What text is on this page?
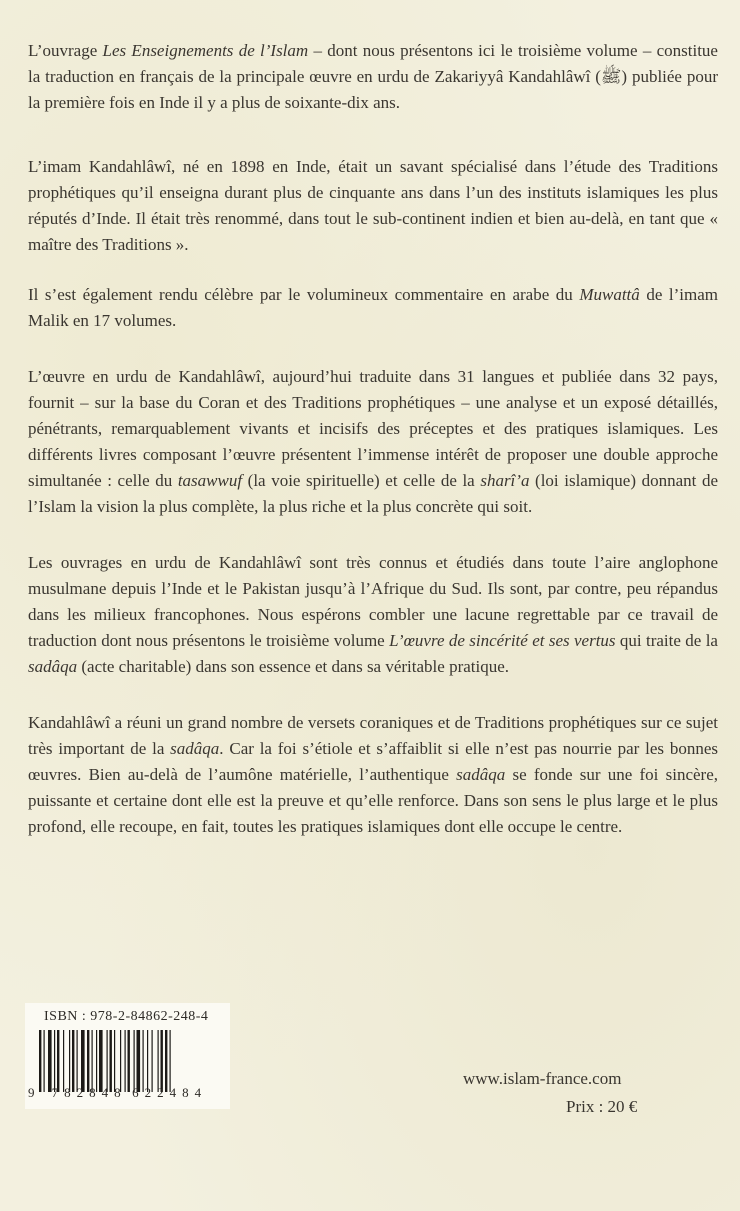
L’ouvrage Les Enseignements de l’Islam – dont nous présentons ici le troisième volume – constitue la traduction en français de la principale œuvre en urdu de Zakariyyâ Kandahlâwî (ﷺ) publiée pour la première fois en Inde il y a plus de soixante-dix ans.

L’imam Kandahlâwî, né en 1898 en Inde, était un savant spécialisé dans l’étude des Traditions prophétiques qu’il enseigna durant plus de cinquante ans dans l’un des instituts islamiques les plus réputés d’Inde. Il était très renommé, dans tout le sub-continent indien et bien au-delà, en tant que « maître des Traditions ».

Il s’est également rendu célèbre par le volumineux commentaire en arabe du Muwattâ de l’imam Malik en 17 volumes.

L’œuvre en urdu de Kandahlâwî, aujourd’hui traduite dans 31 langues et publiée dans 32 pays, fournit – sur la base du Coran et des Traditions prophétiques – une analyse et un exposé détaillés, pénétrants, remarquablement vivants et incisifs des préceptes et des pratiques islamiques. Les différents livres composant l’œuvre présentent l’immense intérêt de proposer une double approche simultanée : celle du tasawwuf (la voie spirituelle) et celle de la sharî’a (loi islamique) donnant de l’Islam la vision la plus complète, la plus riche et la plus concrète qui soit.

Les ouvrages en urdu de Kandahlâwî sont très connus et étudiés dans toute l’aire anglophone musulmane depuis l’Inde et le Pakistan jusqu’à l’Afrique du Sud. Ils sont, par contre, peu répandus dans les milieux francophones. Nous espérons combler une lacune regrettable par ce travail de traduction dont nous présentons le troisième volume L’œuvre de sincérité et ses vertus qui traite de la sadâqa (acte charitable) dans son essence et dans sa véritable pratique.

Kandahlâwî a réuni un grand nombre de versets coraniques et de Traditions prophétiques sur ce sujet très important de la sadâqa. Car la foi s’étiole et s’affaiblit si elle n’est pas nourrie par les bonnes œuvres. Bien au-delà de l’aumône matérielle, l’authentique sadâqa se fonde sur une foi sincère, puissante et certaine dont elle est la preuve et qu’elle renforce. Dans son sens le plus large et le plus profond, elle recoupe, en fait, toutes les pratiques islamiques dont elle occupe le centre.

ISBN : 978-2-84862-248-4
9 782848 622484
www.islam-france.com
Prix : 20 €
